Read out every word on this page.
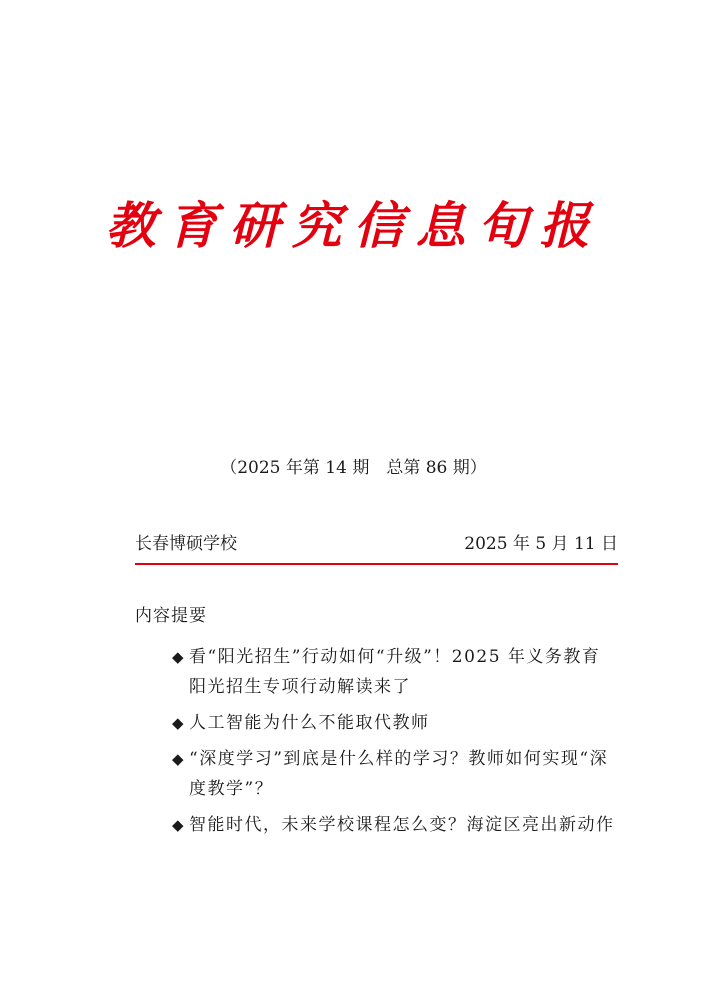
教育研究信息旬报
（2025 年第 14 期　总第 86 期）
长春博硕学校	2025 年 5 月 11 日
内容提要
◆ 看“阳光招生”行动如何“升级”！2025 年义务教育阳光招生专项行动解读来了
◆ 人工智能为什么不能取代教师
◆ “深度学习”到底是什么样的学习？教师如何实现“深度教学”？
◆ 智能时代，未来学校课程怎么变？海淀区亮出新动作
